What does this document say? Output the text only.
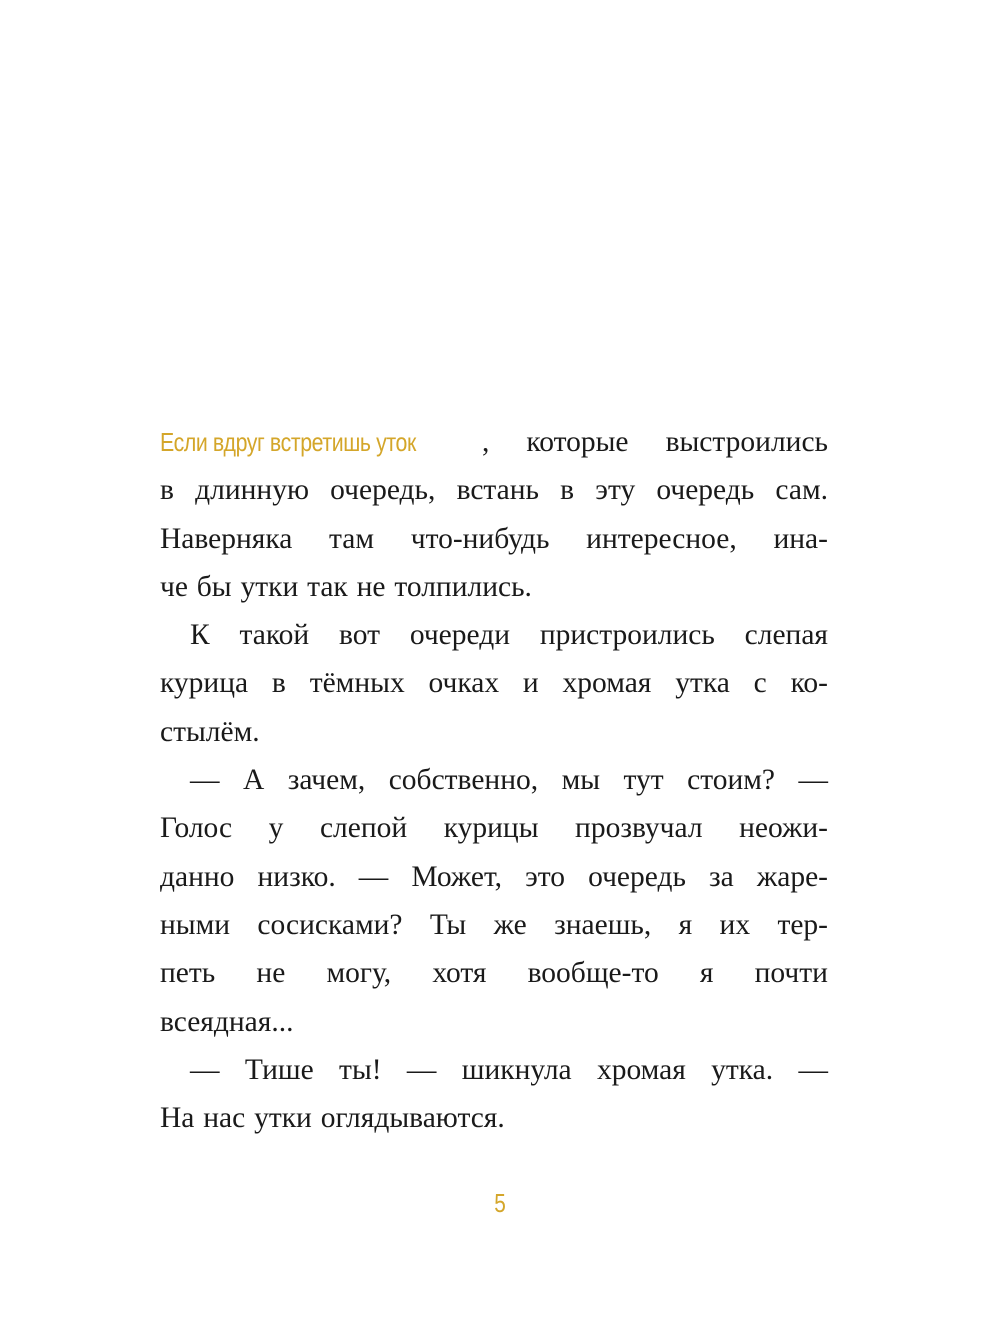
Если вдруг встретишь уток , которые выстроились
в длинную очередь, встань в эту очередь сам.
Наверняка там что-нибудь интересное, ина-
че бы утки так не толпились.
К такой вот очереди пристроились слепая
курица в тёмных очках и хромая утка с ко-
стылём.
— А зачем, собственно, мы тут стоим? —
Голос у слепой курицы прозвучал неожи-
данно низко. — Может, это очередь за жаре-
ными сосисками? Ты же знаешь, я их тер-
петь не могу, хотя вообще-то я почти
всеядная...
— Тише ты! — шикнула хромая утка. —
На нас утки оглядываются.
5
